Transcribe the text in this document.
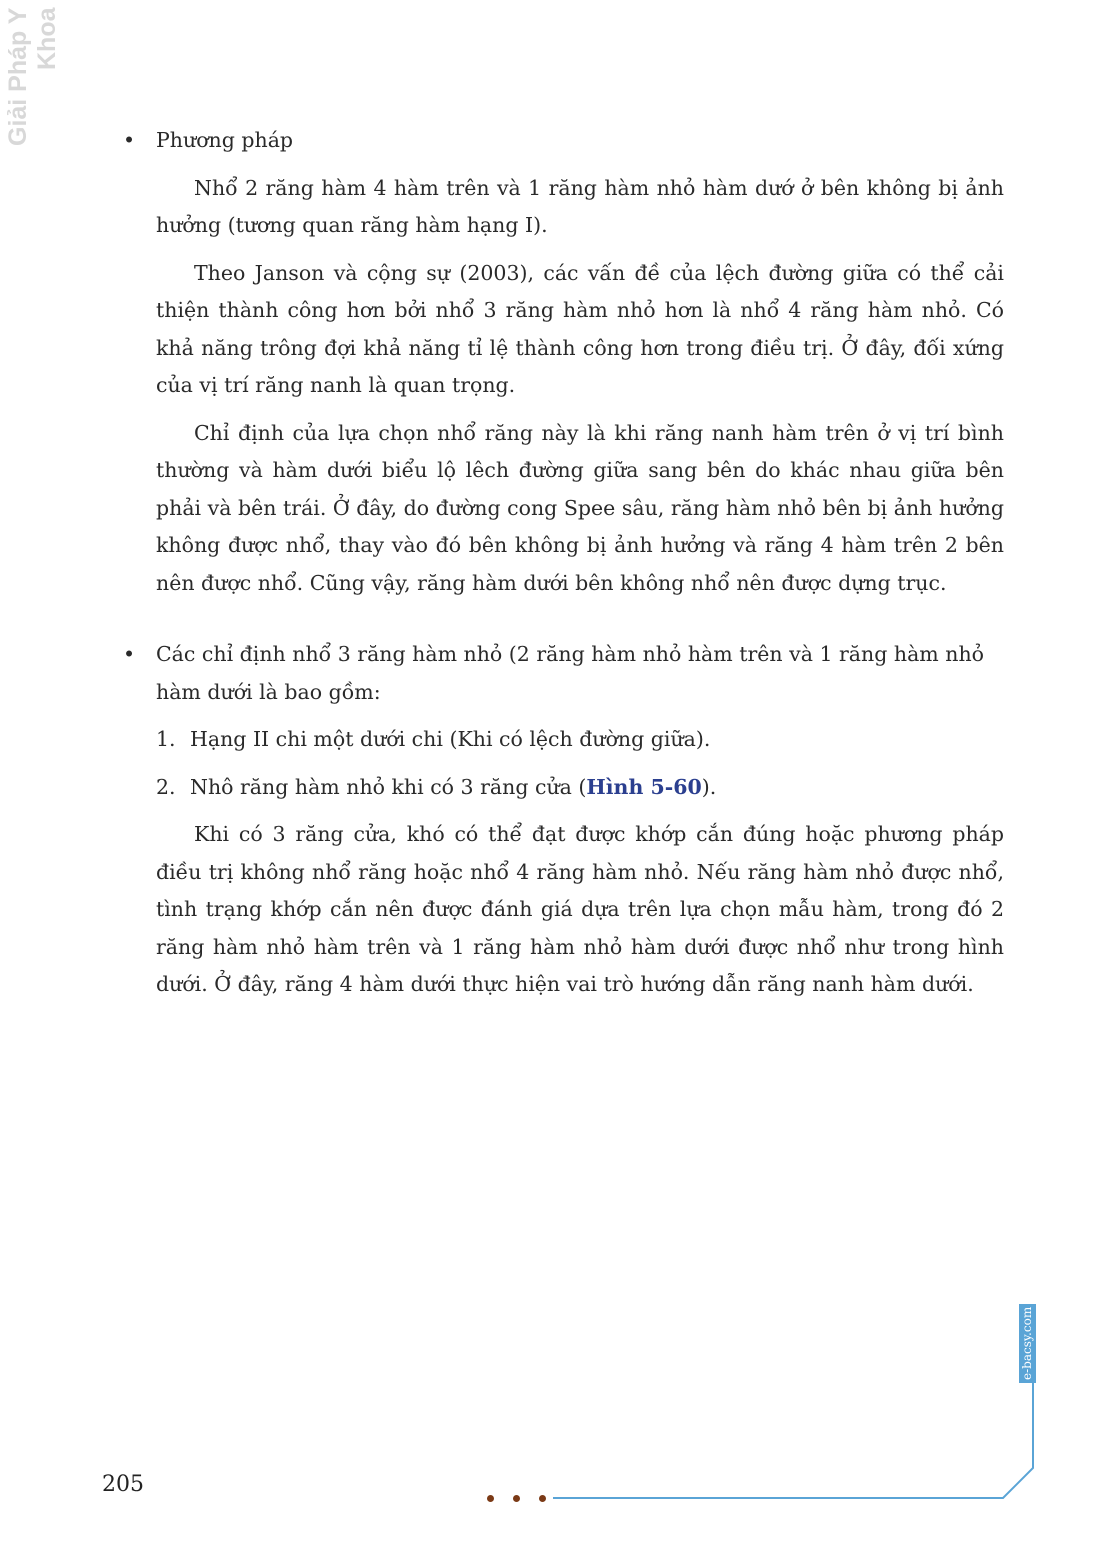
Giải Pháp Y Khoa
• Phương pháp

Nhổ 2 răng hàm 4 hàm trên và 1 răng hàm nhỏ hàm dướ ở bên không bị ảnh hưởng (tương quan răng hàm hạng I).

Theo Janson và cộng sự (2003), các vấn đề của lệch đường giữa có thể cải thiện thành công hơn bởi nhổ 3 răng hàm nhỏ hơn là nhổ 4 răng hàm nhỏ. Có khả năng trông đợi khả năng tỉ lệ thành công hơn trong điều trị. Ở đây, đối xứng của vị trí răng nanh là quan trọng.

Chỉ định của lựa chọn nhổ răng này là khi răng nanh hàm trên ở vị trí bình thường và hàm dưới biểu lộ lêch đường giữa sang bên do khác nhau giữa bên phải và bên trái. Ở đây, do đường cong Spee sâu, răng hàm nhỏ bên bị ảnh hưởng không được nhổ, thay vào đó bên không bị ảnh hưởng và răng 4 hàm trên 2 bên nên được nhổ. Cũng vậy, răng hàm dưới bên không nhổ nên được dựng trục.

• Các chỉ định nhổ 3 răng hàm nhỏ (2 răng hàm nhỏ hàm trên và 1 răng hàm nhỏ hàm dưới là bao gồm:
1. Hạng II chi một dưới chi (Khi có lệch đường giữa).
2. Nhô răng hàm nhỏ khi có 3 răng cửa (Hình 5-60).

Khi có 3 răng cửa, khó có thể đạt được khớp cắn đúng hoặc phương pháp điều trị không nhổ răng hoặc nhổ 4 răng hàm nhỏ. Nếu răng hàm nhỏ được nhổ, tình trạng khớp cắn nên được đánh giá dựa trên lựa chọn mẫu hàm, trong đó 2 răng hàm nhỏ hàm trên và 1 răng hàm nhỏ hàm dưới được nhổ như trong hình dưới. Ở đây, răng 4 hàm dưới thực hiện vai trò hướng dẫn răng nanh hàm dưới.

205
e-bacsy.com
